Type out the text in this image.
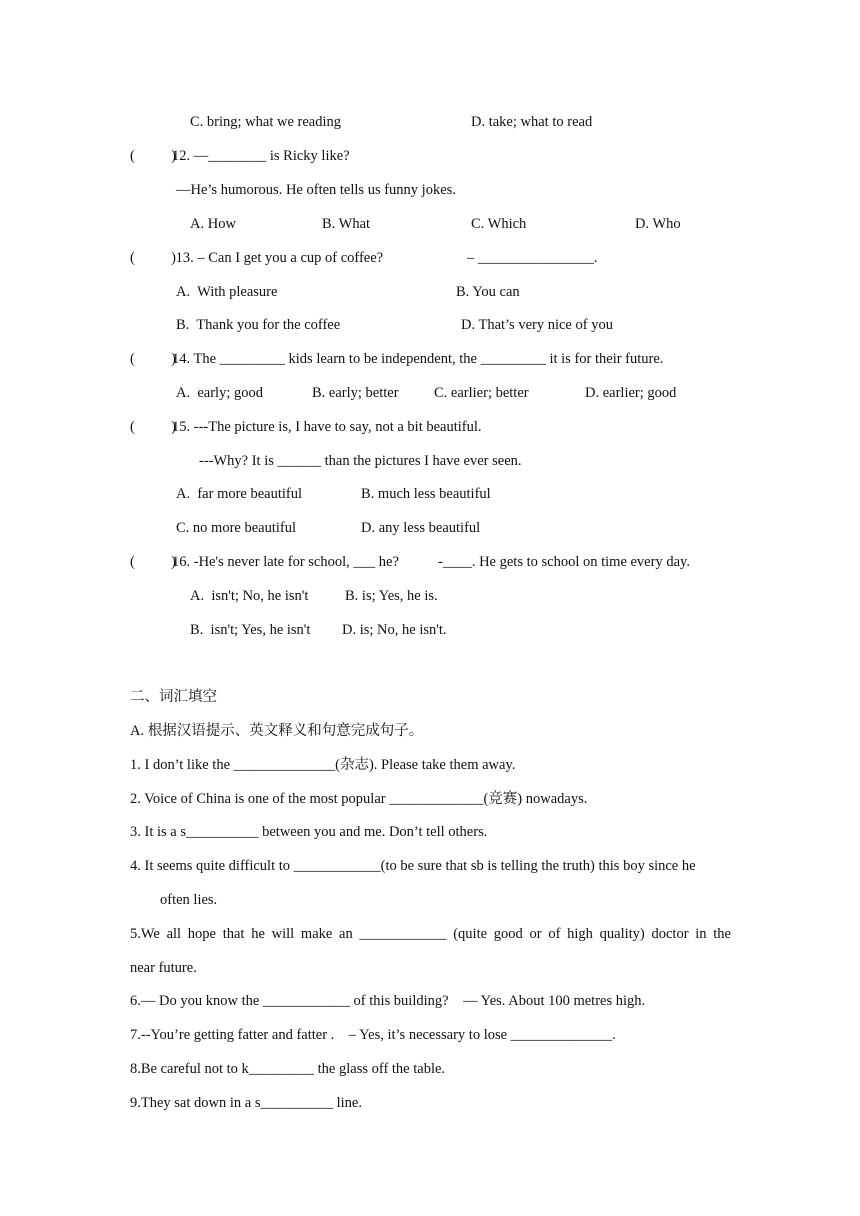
C. bring; what we reading	D. take; what to read
(          )
12. —________ is Ricky like?
—He’s humorous. He often tells us funny jokes.
A. How	B. What	C. Which	D. Who
(          )
13. – Can I get you a cup of coffee?	– ________________.
A.  With pleasure	B. You can
B.  Thank you for the coffee	D. That’s very nice of you
(          )
14. The _________ kids learn to be independent, the _________ it is for their future.
A.  early; good	B. early; better C. earlier; better	D. earlier; good
(          )
15. ---The picture is, I have to say, not a bit beautiful.
---Why? It is ______ than the pictures I have ever seen.
A.  far more beautiful	B. much less beautiful
C. no more beautiful	D. any less beautiful
(          )
16. -He's never late for school, ___ he?	-____. He gets to school on time every day.
A.  isn't; No, he isn't	B. is; Yes, he is.
B.  isn't; Yes, he isn't D. is; No, he isn't.
二、词汇填空
A. 根据汉语提示、英文释义和句意完成句子。
1. I don’t like the ______________(杂志). Please take them away.
2. Voice of China is one of the most popular _____________(竞赛) nowadays.
3. It is a s__________ between you and me. Don’t tell others.
4. It seems quite difficult to ____________(to be sure that sb is telling the truth) this boy since he
often lies.
5.We all hope that he will make an ____________ (quite good or of high quality) doctor in the
near future.
6.— Do you know the ____________ of this building?    — Yes. About 100 metres high.
7.--You’re getting fatter and fatter .    – Yes, it’s necessary to lose ______________.
8.Be careful not to k_________ the glass off the table.
9.They sat down in a s__________ line.
